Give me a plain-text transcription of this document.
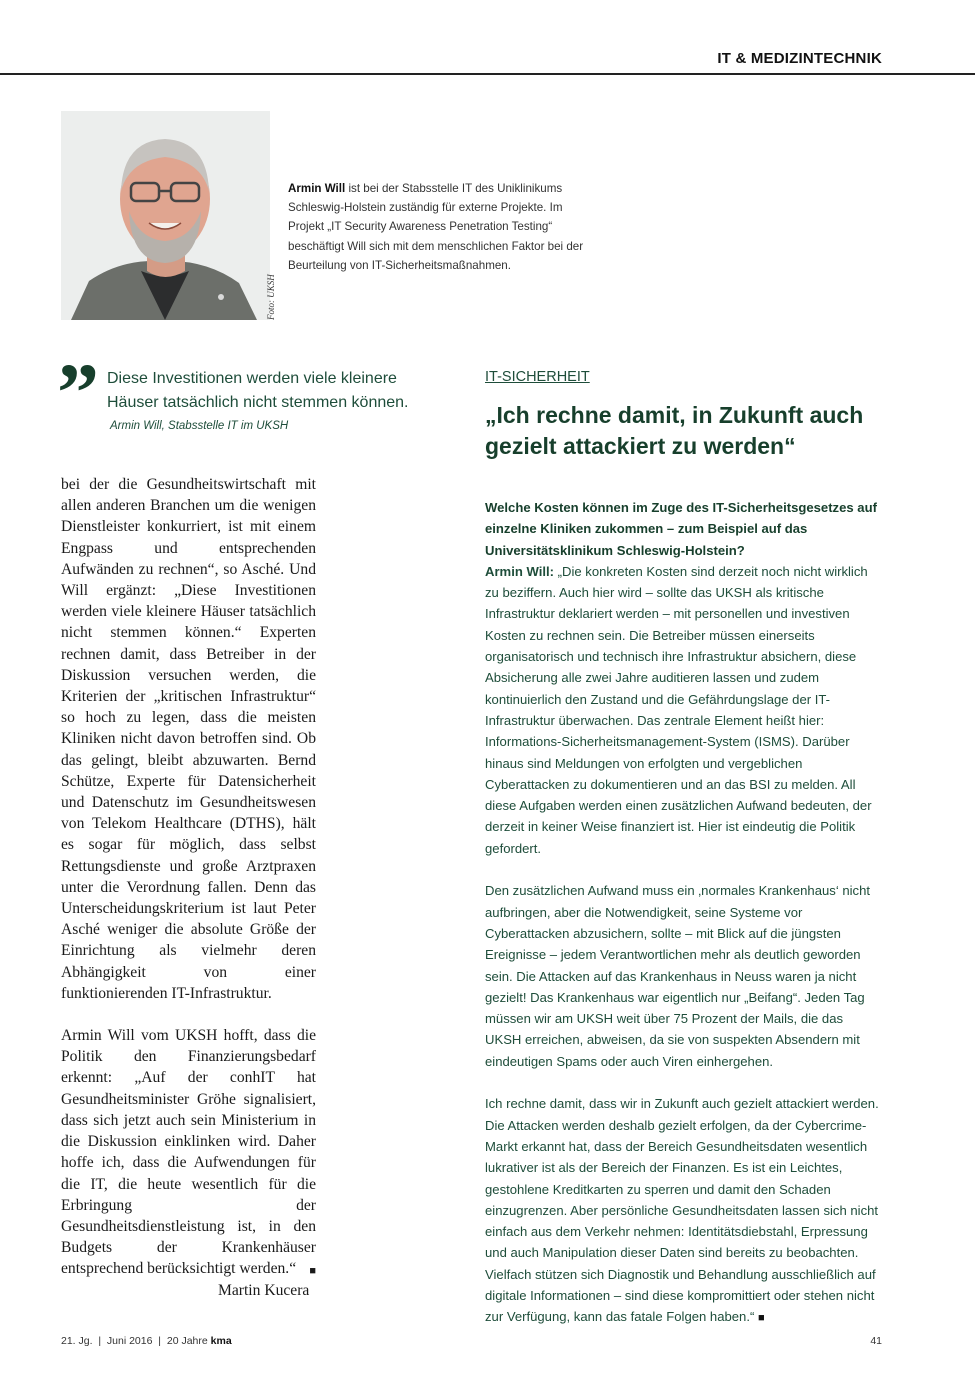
IT & MEDIZINTECHNIK
Foto: UKSH
Armin Will ist bei der Stabsstelle IT des Uniklinikums Schleswig-Holstein zuständig für externe Projekte. Im Projekt „IT Security Awareness Penetration Testing“ beschäftigt Will sich mit dem menschlichen Faktor bei der Beurteilung von IT-Sicherheitsmaßnahmen.
” Diese Investitionen werden viele kleinere Häuser tatsächlich nicht stemmen können.
Armin Will, Stabsstelle IT im UKSH

bei der die Gesundheitswirtschaft mit allen anderen Branchen um die wenigen Dienstleister konkurriert, ist mit einem Engpass und entsprechenden Aufwänden zu rechnen“, so Asché. Und Will ergänzt: „Diese Investitionen werden viele kleinere Häuser tatsächlich nicht stemmen können.“ Experten rechnen damit, dass Betreiber in der Diskussion versuchen werden, die Kriterien der „kritischen Infrastruktur“ so hoch zu legen, dass die meisten Kliniken nicht davon betroffen sind. Ob das gelingt, bleibt abzuwarten. Bernd Schütze, Experte für Datensicherheit und Datenschutz im Gesundheitswesen von Telekom Healthcare (DTHS), hält es sogar für möglich, dass selbst Rettungsdienste und große Arztpraxen unter die Verordnung fallen. Denn das Unterscheidungskriterium ist laut Peter Asché weniger die absolute Größe der Einrichtung als vielmehr deren Abhängigkeit von einer funktionierenden IT-Infrastruktur.

Armin Will vom UKSH hofft, dass die Politik den Finanzierungsbedarf erkennt: „Auf der conhIT hat Gesundheitsminister Gröhe signalisiert, dass sich jetzt auch sein Ministerium in die Diskussion einklinken wird. Daher hoffe ich, dass die Aufwendungen für die IT, die heute wesentlich für die Erbringung der Gesundheitsdienstleistung ist, in den Budgets der Krankenhäuser entsprechend berücksichtigt werden.“ ■

Martin Kucera
IT-SICHERHEIT
„Ich rechne damit, in Zukunft auch gezielt attackiert zu werden“

Welche Kosten können im Zuge des IT-Sicherheitsgesetzes auf einzelne Kliniken zukommen – zum Beispiel auf das Universitätsklinikum Schleswig-Holstein?

Armin Will: „Die konkreten Kosten sind derzeit noch nicht wirklich zu beziffern. Auch hier wird – sollte das UKSH als kritische Infrastruktur deklariert werden – mit personellen und investiven Kosten zu rechnen sein. Die Betreiber müssen einerseits organisatorisch und technisch ihre Infrastruktur absichern, diese Absicherung alle zwei Jahre auditieren lassen und zudem kontinuierlich den Zustand und die Gefährdungslage der IT-Infrastruktur überwachen. Das zentrale Element heißt hier: Informations-Sicherheitsmanagement-System (ISMS). Darüber hinaus sind Meldungen von erfolgten und vergeblichen Cyberattacken zu dokumentieren und an das BSI zu melden. All diese Aufgaben werden einen zusätzlichen Aufwand bedeuten, der derzeit in keiner Weise finanziert ist. Hier ist eindeutig die Politik gefordert.

Den zusätzlichen Aufwand muss ein ‚normales Krankenhaus‘ nicht aufbringen, aber die Notwendigkeit, seine Systeme vor Cyberattacken abzusichern, sollte – mit Blick auf die jüngsten Ereignisse – jedem Verantwortlichen mehr als deutlich geworden sein. Die Attacken auf das Krankenhaus in Neuss waren ja nicht gezielt! Das Krankenhaus war eigentlich nur „Beifang“. Jeden Tag müssen wir am UKSH weit über 75 Prozent der Mails, die das UKSH erreichen, abweisen, da sie von suspekten Absendern mit eindeutigen Spams oder auch Viren einhergehen.

Ich rechne damit, dass wir in Zukunft auch gezielt attackiert werden. Die Attacken werden deshalb gezielt erfolgen, da der Cybercrime-Markt erkannt hat, dass der Bereich Gesundheitsdaten wesentlich lukrativer ist als der Bereich der Finanzen. Es ist ein Leichtes, gestohlene Kreditkarten zu sperren und damit den Schaden einzugrenzen. Aber persönliche Gesundheitsdaten lassen sich nicht einfach aus dem Verkehr nehmen: Identitätsdiebstahl, Erpressung und auch Manipulation dieser Daten sind bereits zu beobachten. Vielfach stützen sich Diagnostik und Behandlung ausschließlich auf digitale Informationen – sind diese kompromittiert oder stehen nicht zur Verfügung, kann das fatale Folgen haben.“ ■

21. Jg.  |  Juni 2016  |  20 Jahre kma	41
